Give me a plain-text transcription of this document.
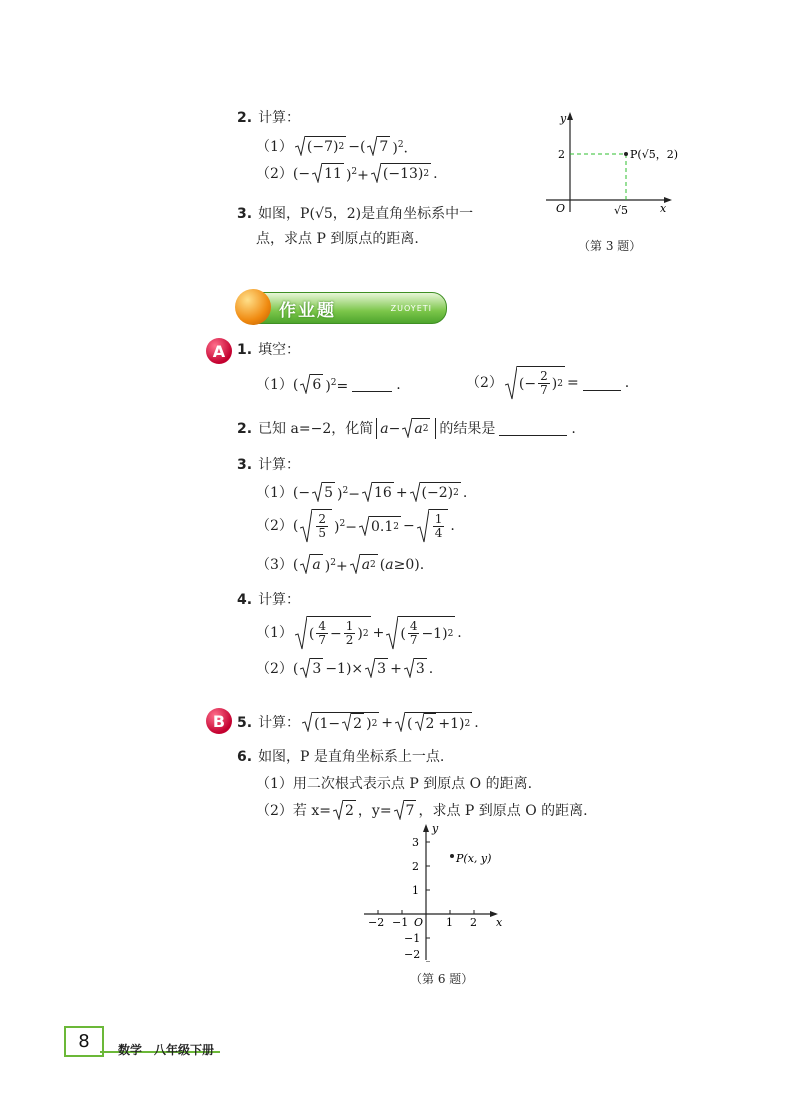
2. 计算：
（1） (−7) 2 −( 7 )$^2$.
（2） (− 11 )$^2$+ (−13) 2 .
3. 如图，P(√5，2)是直角坐标系中一
点，求点 P 到原点的距离.
y
x
O
2
√5
P(√5，2)
（第 3 题）
作业题	ZUOYETI
A 1. 填空：
（1） ( 6 )$^2$=	.	（2） (− $\frac{2}{7}$ ) 2 =	.
2. 已知 a=−2，化简 a − a 2 的结果是	.
3. 计算：
（1） (− 5 )$^2$− 16 + (−2) 2 .
（2） ( $\frac{2}{5} )^2- 0.1$ $2 - \frac{1}{4}$ .
（3） ( a )$^2$+ a 2 (a≥0).
4. 计算：
（1） ( $\frac{4}{7} - \frac{1}{2}$ ) 2 + ( $\frac{4}{7} -1$) 2 .
（2） ( 3 −1)× 3 + 3 .
B 5. 计算： (1− 2 ) 2 + ( 2 +1) 2 .
6. 如图，P 是直角坐标系上一点.
（1）用二次根式表示点 P 到原点 O 的距离.
（2）若 x= 2 ，y= 7 ，求点 P 到原点 O 的距离.
y
x
O
P(x, y)
−2 −1	1 2
3
2
1
−1
−2
（第 6 题）
8	数学　八年级下册
